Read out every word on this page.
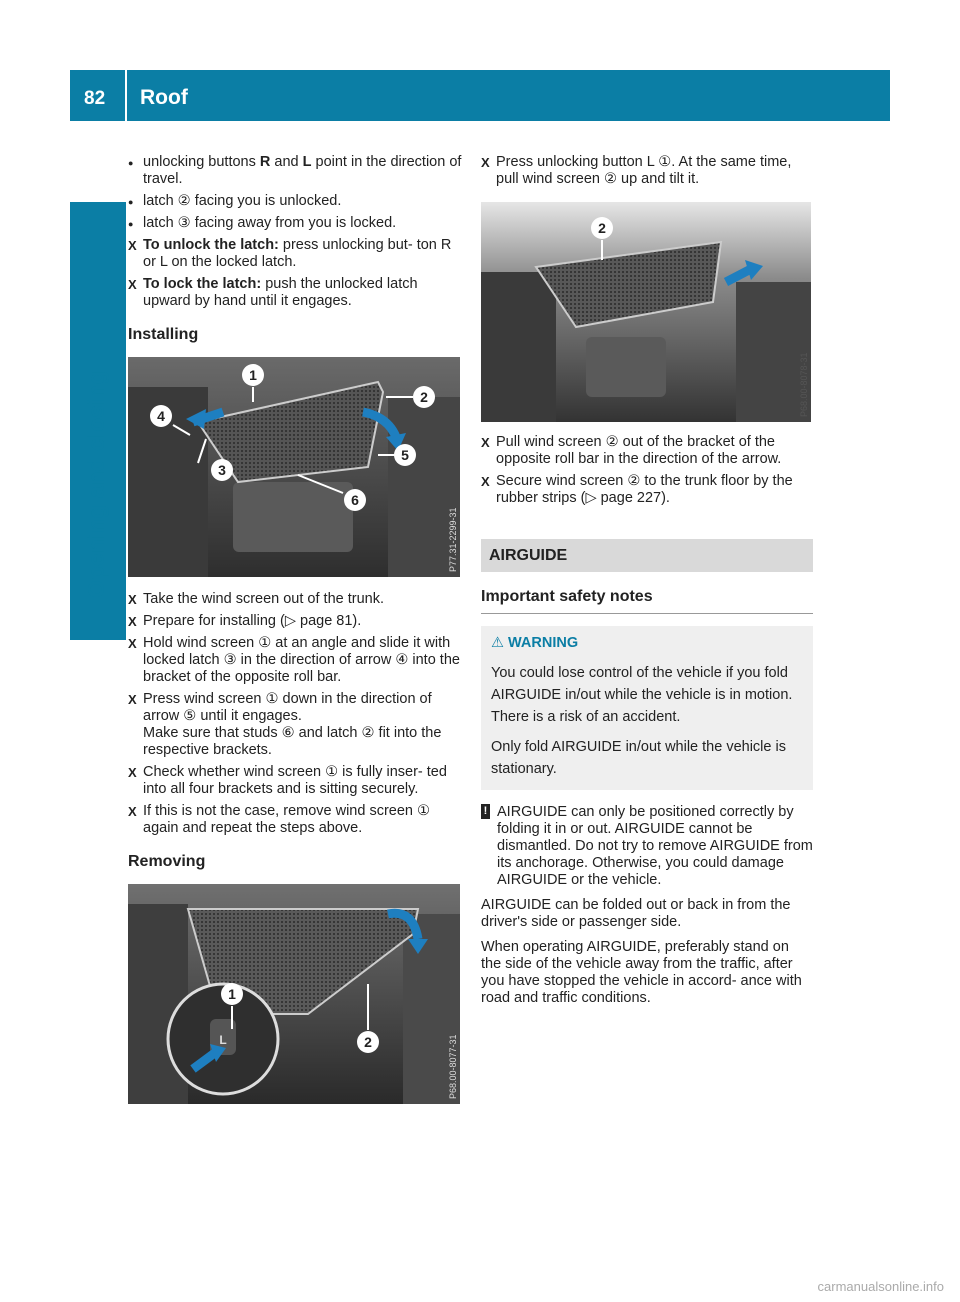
82 Roof
Opening and closing
● unlocking buttons R and L point in the direction of travel.
● latch ② facing you is unlocked.
● latch ③ facing away from you is locked.
X To unlock the latch: press unlocking but- ton R or L on the locked latch.
X To lock the latch: push the unlocked latch upward by hand until it engages.
Installing
1
2
3
4
5
6
P77.31-2299-31
X Take the wind screen out of the trunk.
X Prepare for installing (▷ page 81).
X Hold wind screen ① at an angle and slide it with locked latch ③ in the direction of arrow ④ into the bracket of the opposite roll bar.
X Press wind screen ① down in the direction of arrow ⑤ until it engages.
Make sure that studs ⑥ and latch ② fit into the respective brackets.
X Check whether wind screen ① is fully inser- ted into all four brackets and is sitting securely.
X If this is not the case, remove wind screen ① again and repeat the steps above.
Removing
L
1
2	P68.00-8077-31
X Press unlocking button L ①. At the same time, pull wind screen ② up and tilt it.
2
P68.00-8078-31
X Pull wind screen ② out of the bracket of the opposite roll bar in the direction of the arrow.
X Secure wind screen ② to the trunk floor by the rubber strips (▷ page 227).
AIRGUIDE
Important safety notes
⚠ WARNING

You could lose control of the vehicle if you fold AIRGUIDE in/out while the vehicle is in motion. There is a risk of an accident.

Only fold AIRGUIDE in/out while the vehicle is stationary.

! AIRGUIDE can only be positioned correctly by folding it in or out. AIRGUIDE cannot be dismantled. Do not try to remove AIRGUIDE from its anchorage. Otherwise, you could damage AIRGUIDE or the vehicle.
AIRGUIDE can be folded out or back in from the driver's side or passenger side.
When operating AIRGUIDE, preferably stand on the side of the vehicle away from the traffic, after you have stopped the vehicle in accord- ance with road and traffic conditions.
carmanualsonline.info
